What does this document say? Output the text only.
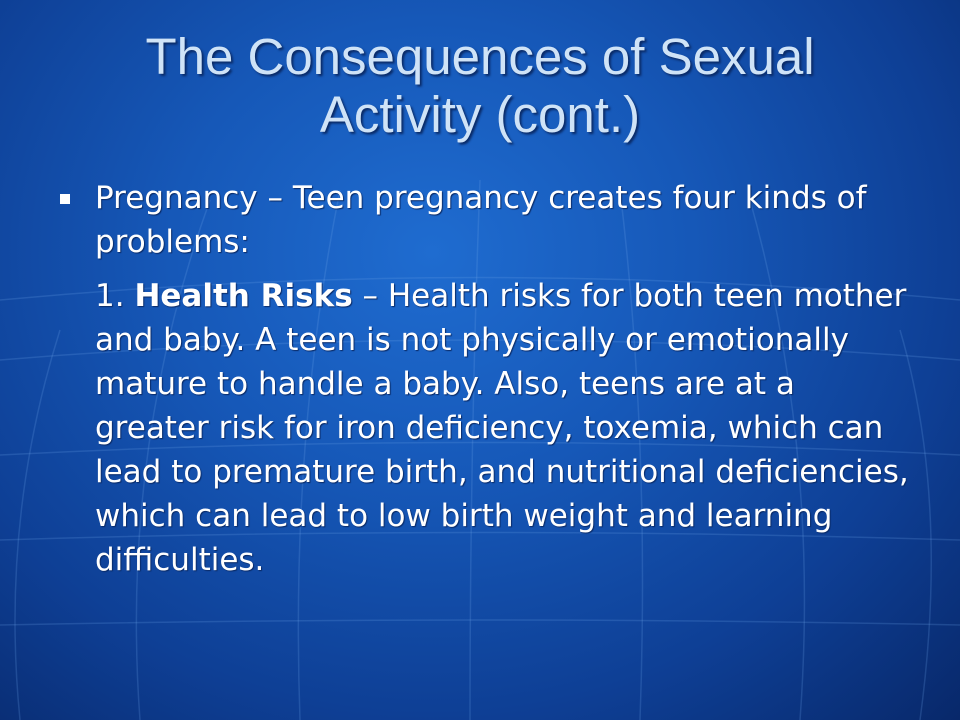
The Consequences of Sexual
Activity (cont.)

Pregnancy – Teen pregnancy creates four kinds of problems:

1. Health Risks – Health risks for both teen mother and baby. A teen is not physically or emotionally mature to handle a baby. Also, teens are at a greater risk for iron deficiency, toxemia, which can lead to premature birth, and nutritional deficiencies, which can lead to low birth weight and learning difficulties.
